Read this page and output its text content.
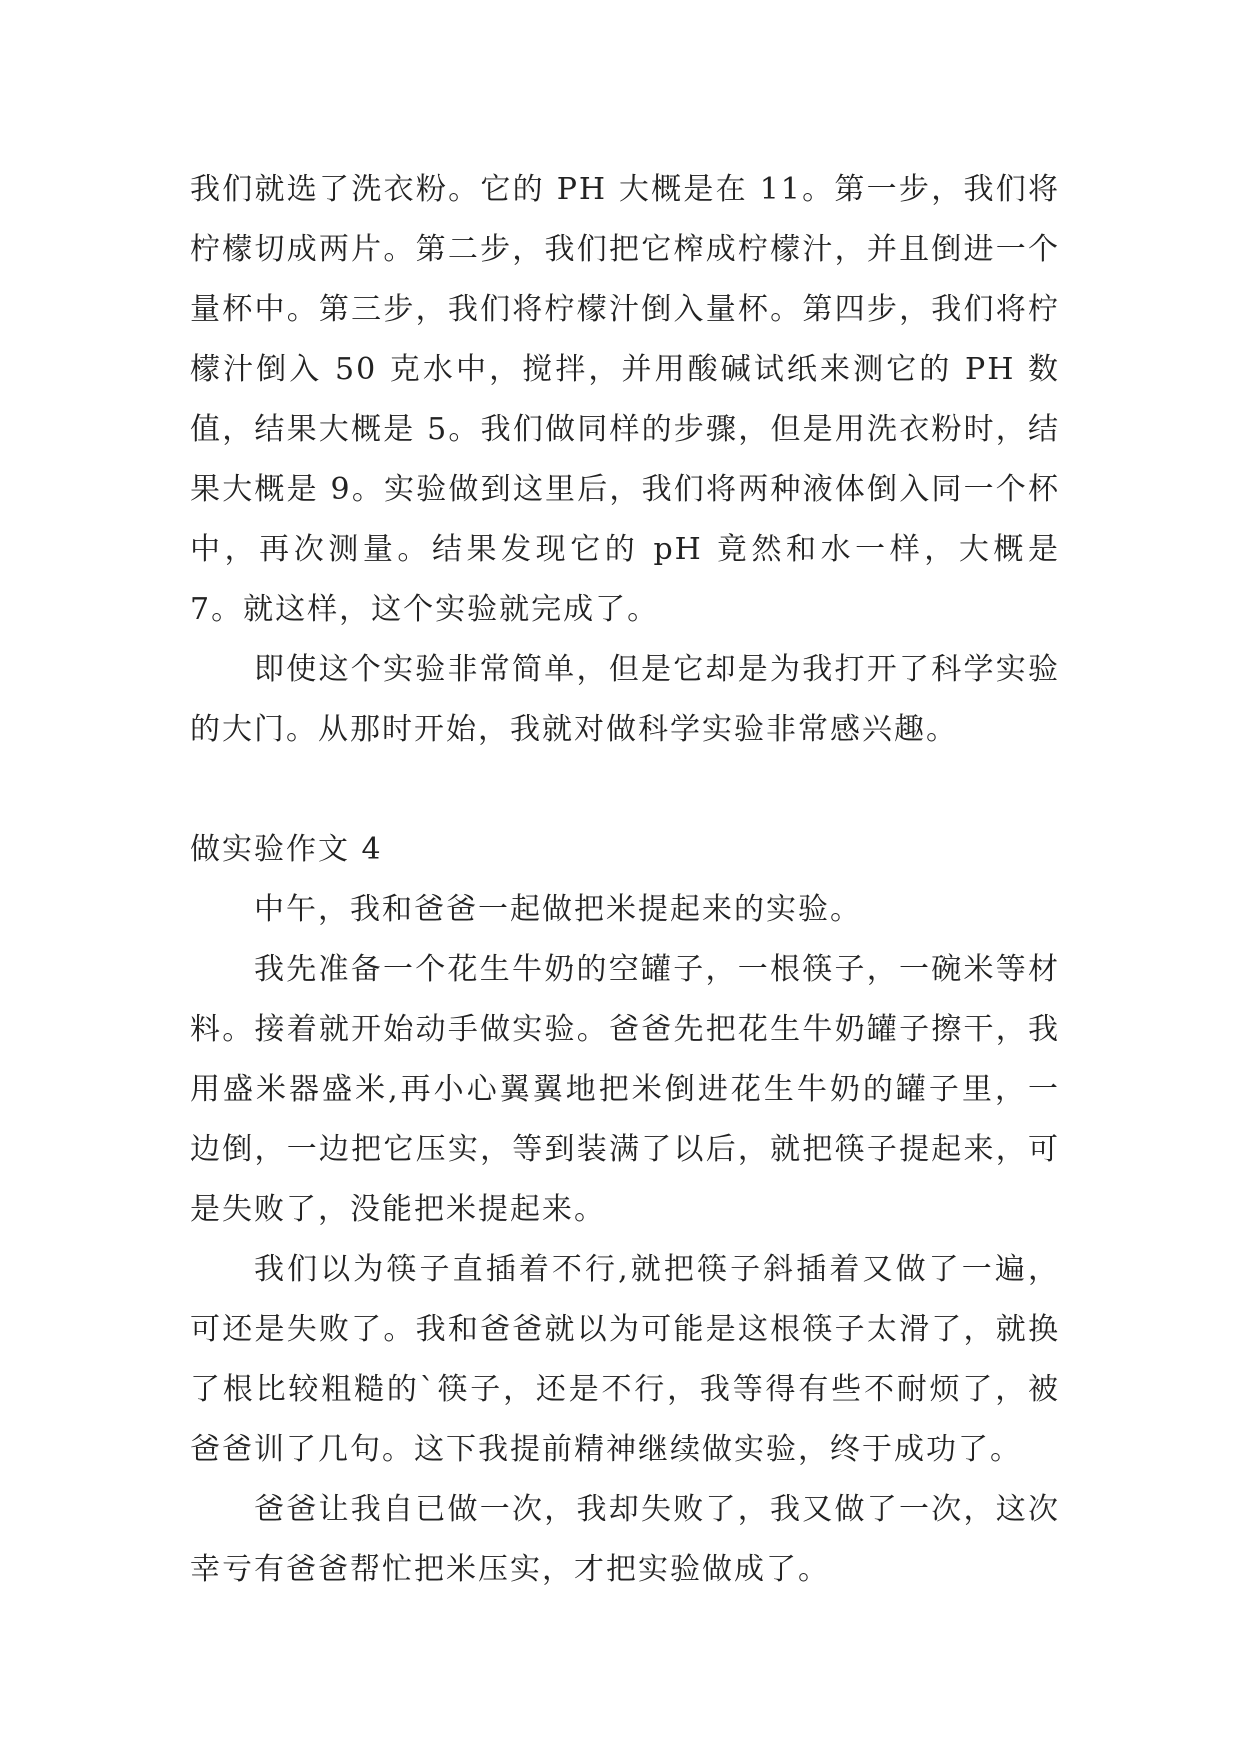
我们就选了洗衣粉。它的 PH 大概是在 11。第一步，我们将柠檬切成两片。第二步，我们把它榨成柠檬汁，并且倒进一个量杯中。第三步，我们将柠檬汁倒入量杯。第四步，我们将柠檬汁倒入 50 克水中，搅拌，并用酸碱试纸来测它的 PH 数值，结果大概是 5。我们做同样的步骤，但是用洗衣粉时，结果大概是 9。实验做到这里后，我们将两种液体倒入同一个杯中，再次测量。结果发现它的 pH 竟然和水一样，大概是 7。就这样，这个实验就完成了。

即使这个实验非常简单，但是它却是为我打开了科学实验的大门。从那时开始，我就对做科学实验非常感兴趣。

做实验作文 4

中午，我和爸爸一起做把米提起来的实验。

我先准备一个花生牛奶的空罐子，一根筷子，一碗米等材料。接着就开始动手做实验。爸爸先把花生牛奶罐子擦干，我用盛米器盛米,再小心翼翼地把米倒进花生牛奶的罐子里，一边倒，一边把它压实，等到装满了以后，就把筷子提起来，可是失败了，没能把米提起来。

我们以为筷子直插着不行,就把筷子斜插着又做了一遍，可还是失败了。我和爸爸就以为可能是这根筷子太滑了，就换了根比较粗糙的`筷子，还是不行，我等得有些不耐烦了，被爸爸训了几句。这下我提前精神继续做实验，终于成功了。

爸爸让我自已做一次，我却失败了，我又做了一次，这次幸亏有爸爸帮忙把米压实，才把实验做成了。
